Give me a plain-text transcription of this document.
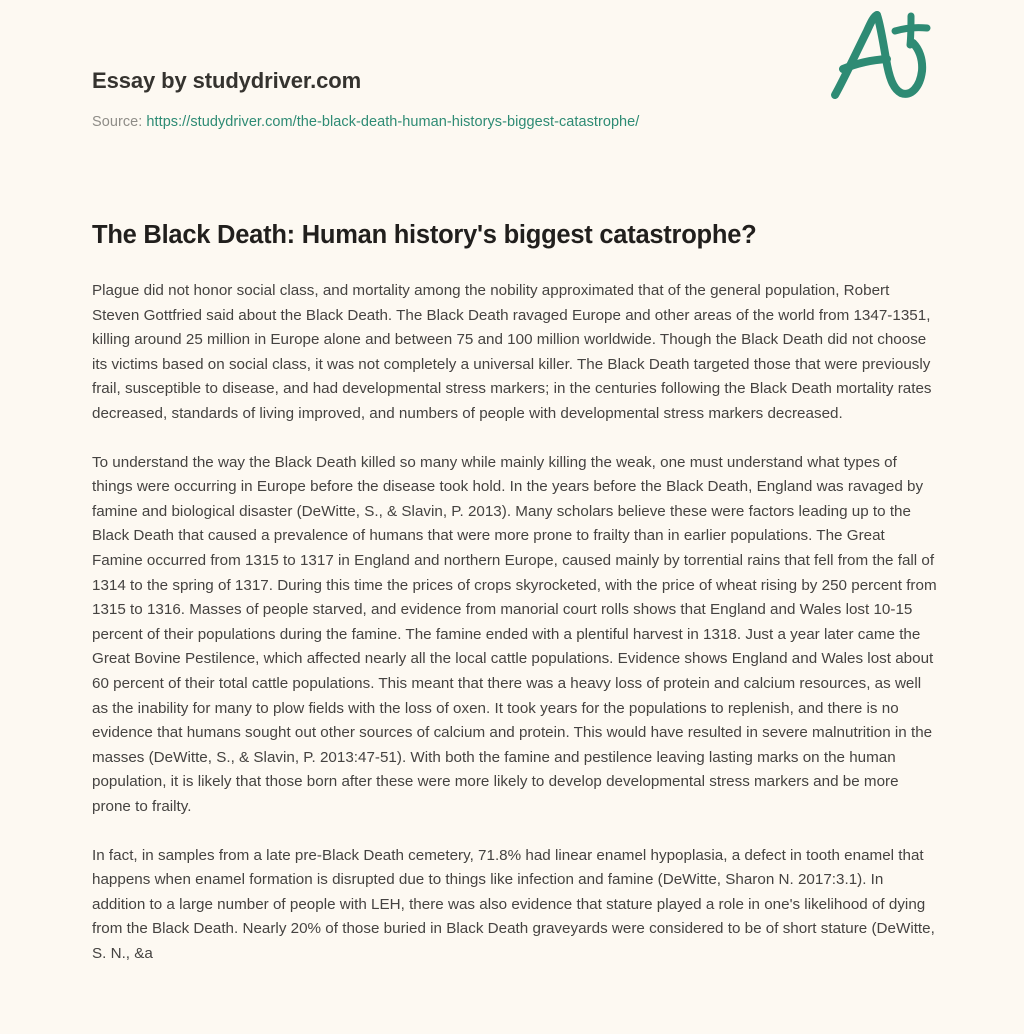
Essay by studydriver.com
Source: https://studydriver.com/the-black-death-human-historys-biggest-catastrophe/
The Black Death: Human history's biggest catastrophe?

Plague did not honor social class, and mortality among the nobility approximated that of the general population, Robert Steven Gottfried said about the Black Death. The Black Death ravaged Europe and other areas of the world from 1347-1351, killing around 25 million in Europe alone and between 75 and 100 million worldwide. Though the Black Death did not choose its victims based on social class, it was not completely a universal killer. The Black Death targeted those that were previously frail, susceptible to disease, and had developmental stress markers; in the centuries following the Black Death mortality rates decreased, standards of living improved, and numbers of people with developmental stress markers decreased.

To understand the way the Black Death killed so many while mainly killing the weak, one must understand what types of things were occurring in Europe before the disease took hold. In the years before the Black Death, England was ravaged by famine and biological disaster (DeWitte, S., & Slavin, P. 2013). Many scholars believe these were factors leading up to the Black Death that caused a prevalence of humans that were more prone to frailty than in earlier populations. The Great Famine occurred from 1315 to 1317 in England and northern Europe, caused mainly by torrential rains that fell from the fall of 1314 to the spring of 1317. During this time the prices of crops skyrocketed, with the price of wheat rising by 250 percent from 1315 to 1316. Masses of people starved, and evidence from manorial court rolls shows that England and Wales lost 10-15 percent of their populations during the famine. The famine ended with a plentiful harvest in 1318. Just a year later came the Great Bovine Pestilence, which affected nearly all the local cattle populations. Evidence shows England and Wales lost about 60 percent of their total cattle populations. This meant that there was a heavy loss of protein and calcium resources, as well as the inability for many to plow fields with the loss of oxen. It took years for the populations to replenish, and there is no evidence that humans sought out other sources of calcium and protein. This would have resulted in severe malnutrition in the masses (DeWitte, S., & Slavin, P. 2013:47-51). With both the famine and pestilence leaving lasting marks on the human population, it is likely that those born after these were more likely to develop developmental stress markers and be more prone to frailty.

In fact, in samples from a late pre-Black Death cemetery, 71.8% had linear enamel hypoplasia, a defect in tooth enamel that happens when enamel formation is disrupted due to things like infection and famine (DeWitte, Sharon N. 2017:3.1). In addition to a large number of people with LEH, there was also evidence that stature played a role in one's likelihood of dying from the Black Death. Nearly 20% of those buried in Black Death graveyards were considered to be of short stature (DeWitte, S. N., &a
